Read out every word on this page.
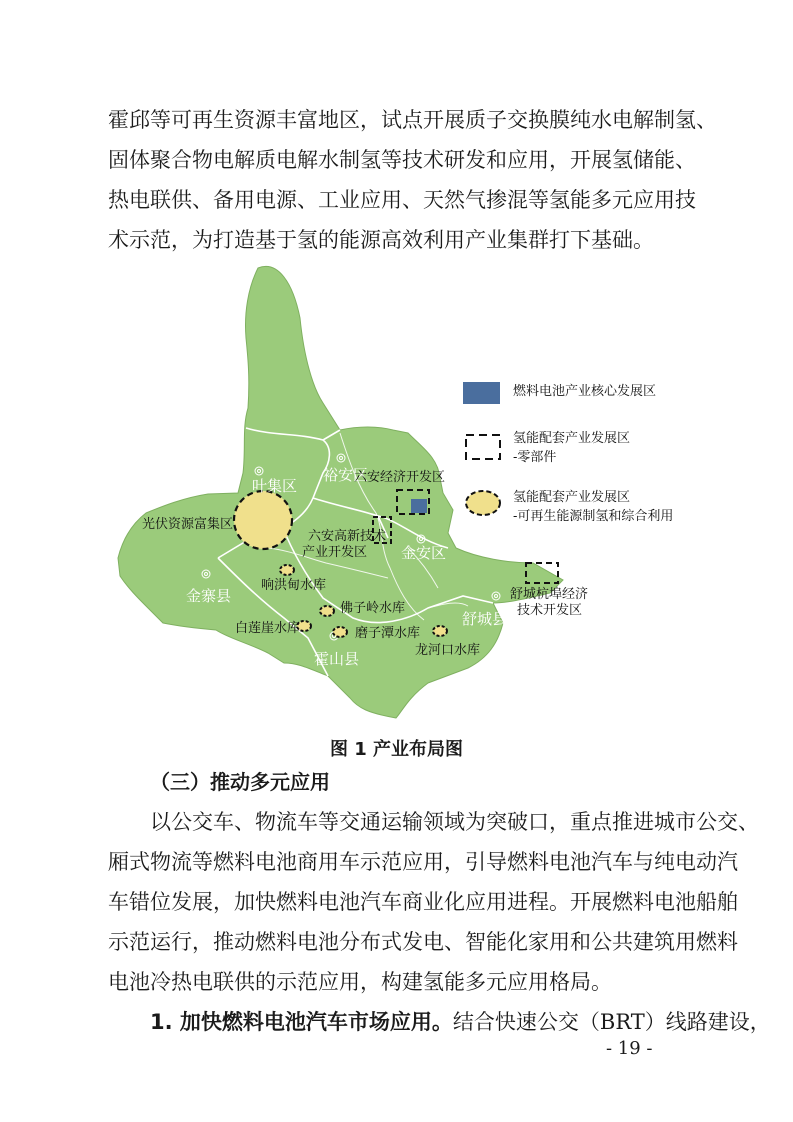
霍邱等可再生资源丰富地区，试点开展质子交换膜纯水电解制氢、
固体聚合物电解质电解水制氢等技术研发和应用，开展氢储能、
热电联供、备用电源、工业应用、天然气掺混等氢能多元应用技
术示范，为打造基于氢的能源高效利用产业集群打下基础。
霍邱县
叶集区
裕安区
金安区
金寨县
霍山县
舒城县
六安经济开发区
光伏资源富集区
六安高新技术
产业开发区
响洪甸水库
佛子岭水库
白莲崖水库	磨子潭水库
龙河口水库
舒城杭埠经济
技术开发区
燃料电池产业核心发展区
氢能配套产业发展区
-零部件
氢能配套产业发展区
-可再生能源制氢和综合利用
图 1 产业布局图
（三）推动多元应用
以公交车、物流车等交通运输领域为突破口，重点推进城市公交、
厢式物流等燃料电池商用车示范应用，引导燃料电池汽车与纯电动汽
车错位发展，加快燃料电池汽车商业化应用进程。开展燃料电池船舶
示范运行，推动燃料电池分布式发电、智能化家用和公共建筑用燃料
电池冷热电联供的示范应用，构建氢能多元应用格局。
1. 加快燃料电池汽车市场应用。结合快速公交（BRT）线路建设，
- 19 -
